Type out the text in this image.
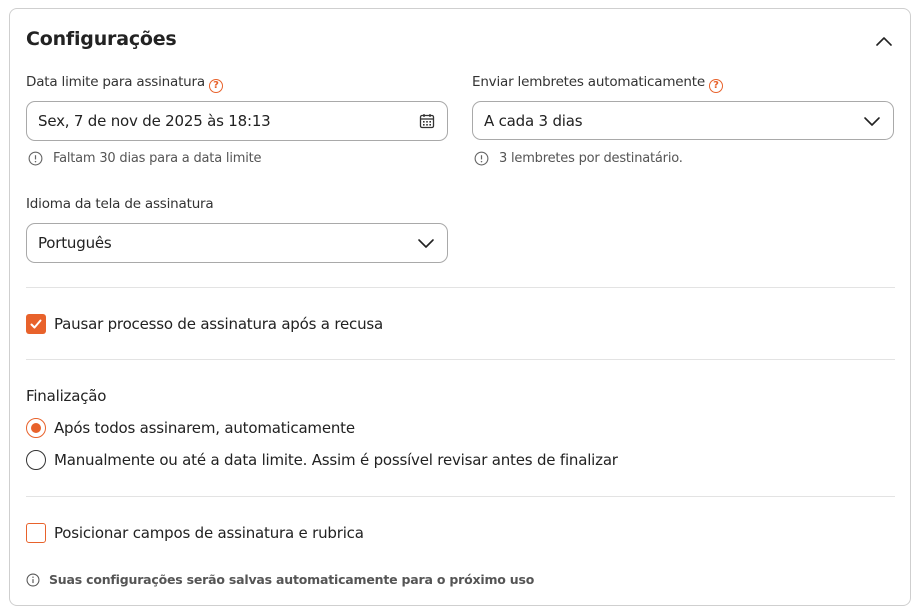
Configurações
Data limite para assinatura ?
Sex, 7 de nov de 2025 às 18:13
Faltam 30 dias para a data limite
Enviar lembretes automaticamente ?
A cada 3 dias
3 lembretes por destinatário.
Idioma da tela de assinatura
Português
Pausar processo de assinatura após a recusa
Finalização
Após todos assinarem, automaticamente
Manualmente ou até a data limite. Assim é possível revisar antes de finalizar
Posicionar campos de assinatura e rubrica
Suas configurações serão salvas automaticamente para o próximo uso
